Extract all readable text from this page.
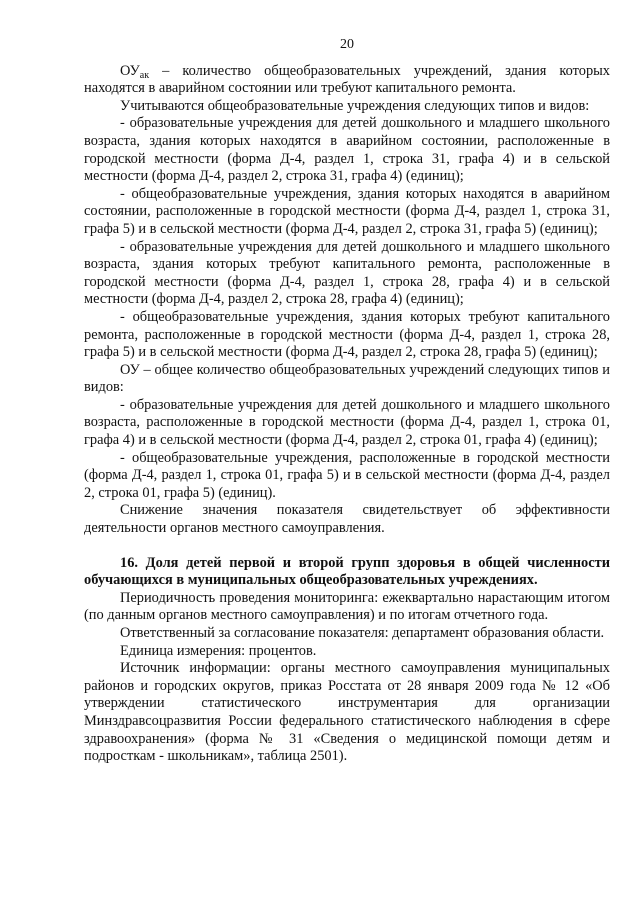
20

$ОУ_{ак}$ – количество общеобразовательных учреждений, здания которых находятся в аварийном состоянии или требуют капитального ремонта.

Учитываются общеобразовательные учреждения следующих типов и видов:

- образовательные учреждения для детей дошкольного и младшего школьного возраста, здания которых находятся в аварийном состоянии, расположенные в городской местности (форма Д-4, раздел 1, строка 31, графа 4) и в сельской местности (форма Д-4, раздел 2, строка 31, графа 4) (единиц);

- общеобразовательные учреждения, здания которых находятся в аварийном состоянии, расположенные в городской местности (форма Д-4, раздел 1, строка 31, графа 5) и в сельской местности (форма Д-4, раздел 2, строка 31, графа 5) (единиц);

- образовательные учреждения для детей дошкольного и младшего школьного возраста, здания которых требуют капитального ремонта, расположенные в городской местности (форма Д-4, раздел 1, строка 28, графа 4) и в сельской местности (форма Д-4, раздел 2, строка 28, графа 4) (единиц);

- общеобразовательные учреждения, здания которых требуют капитального ремонта, расположенные в городской местности (форма Д-4, раздел 1, строка 28, графа 5) и в сельской местности (форма Д-4, раздел 2, строка 28, графа 5) (единиц);

ОУ – общее количество общеобразовательных учреждений следующих типов и видов:

- образовательные учреждения для детей дошкольного и младшего школьного возраста, расположенные в городской местности (форма Д-4, раздел 1, строка 01, графа 4) и в сельской местности (форма Д-4, раздел 2, строка 01, графа 4) (единиц);

- общеобразовательные учреждения, расположенные в городской местности (форма Д-4, раздел 1, строка 01, графа 5) и в сельской местности (форма Д-4, раздел 2, строка 01, графа 5) (единиц).

Снижение значения показателя свидетельствует об эффективности деятельности органов местного самоуправления.

16. Доля детей первой и второй групп здоровья в общей численности обучающихся в муниципальных общеобразовательных учреждениях.

Периодичность проведения мониторинга: ежеквартально нарастающим итогом (по данным органов местного самоуправления) и по итогам отчетного года.

Ответственный за согласование показателя: департамент образования области.

Единица измерения: процентов.

Источник информации: органы местного самоуправления муниципальных районов и городских округов, приказ Росстата от 28 января 2009 года № 12 «Об утверждении статистического инструментария для организации Минздравсоцразвития России федерального статистического наблюдения в сфере здравоохранения» (форма № 31 «Сведения о медицинской помощи детям и подросткам - школьникам», таблица 2501).
